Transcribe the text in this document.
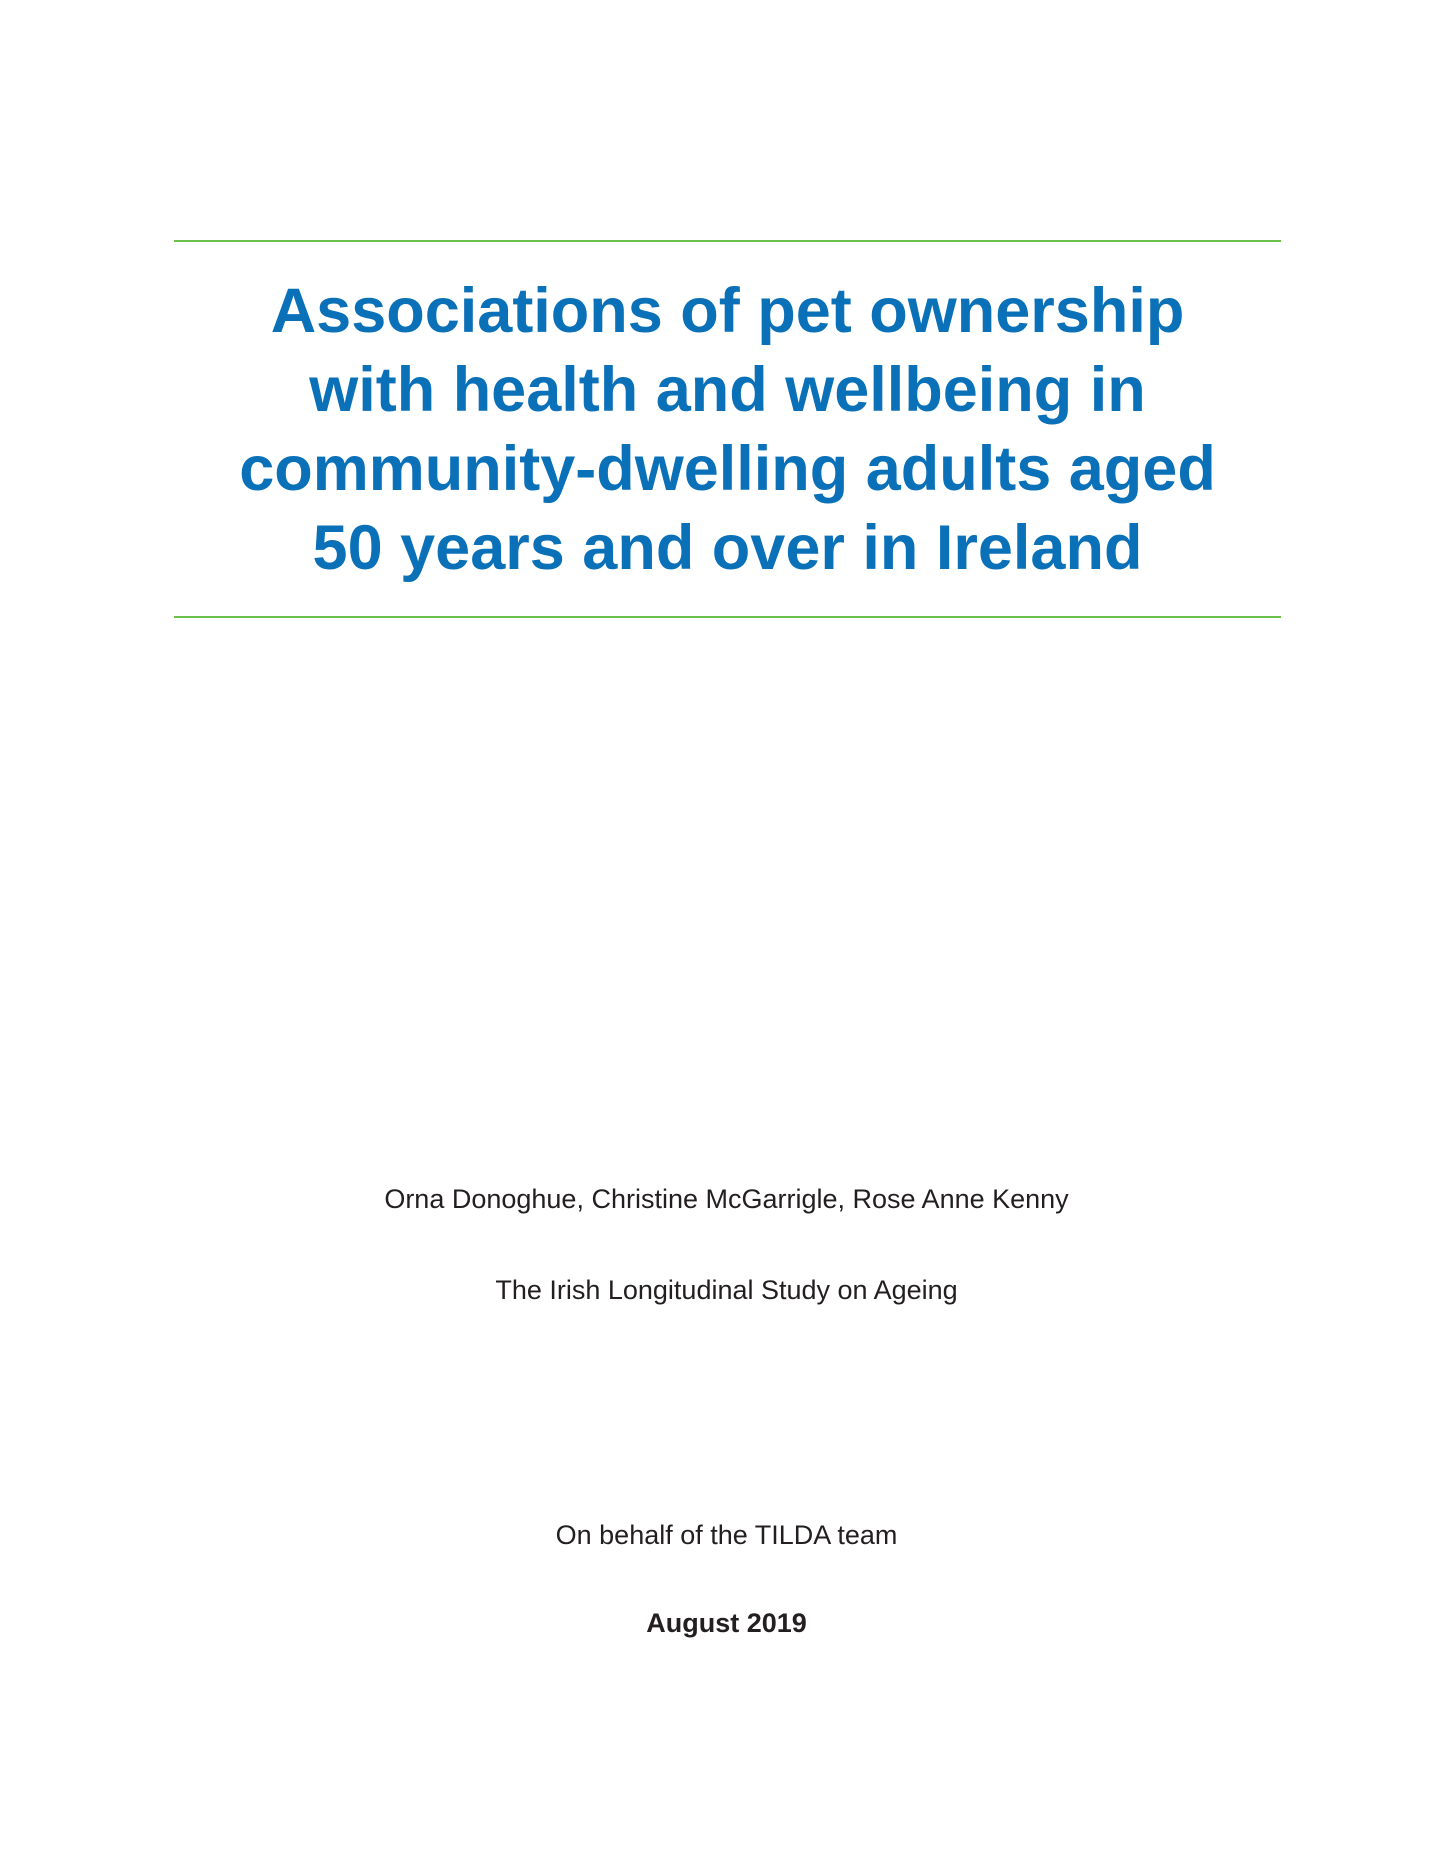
Associations of pet ownership
with health and wellbeing in
community-dwelling adults aged
50 years and over in Ireland
Orna Donoghue, Christine McGarrigle, Rose Anne Kenny
The Irish Longitudinal Study on Ageing
On behalf of the TILDA team
August 2019
